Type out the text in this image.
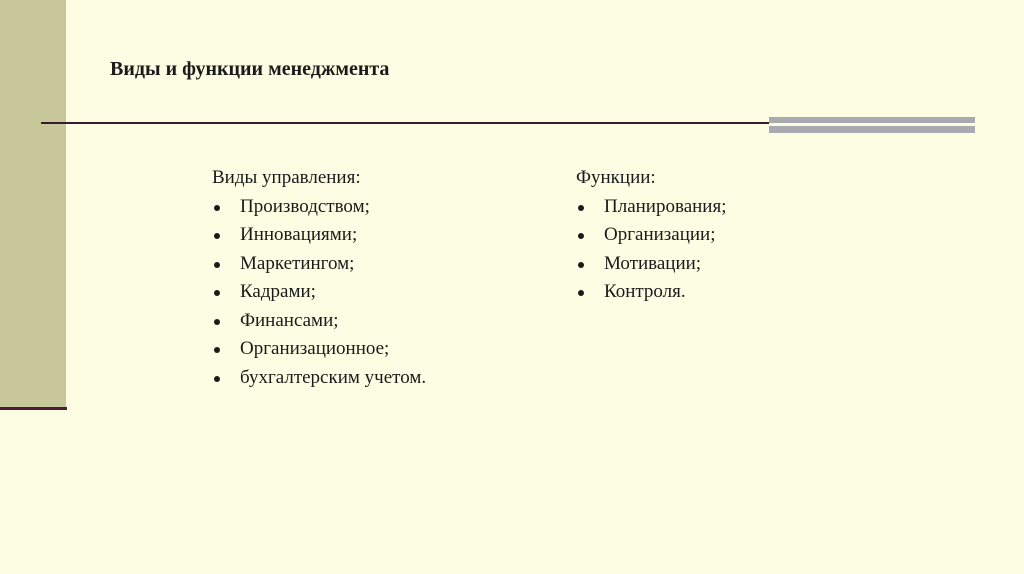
Виды и функции менеджмента

Виды управления:

Производством;
Инновациями;
Маркетингом;
Кадрами;
Финансами;
Организационное;
бухгалтерским учетом.

Функции:

Планирования;
Организации;
Мотивации;
Контроля.
